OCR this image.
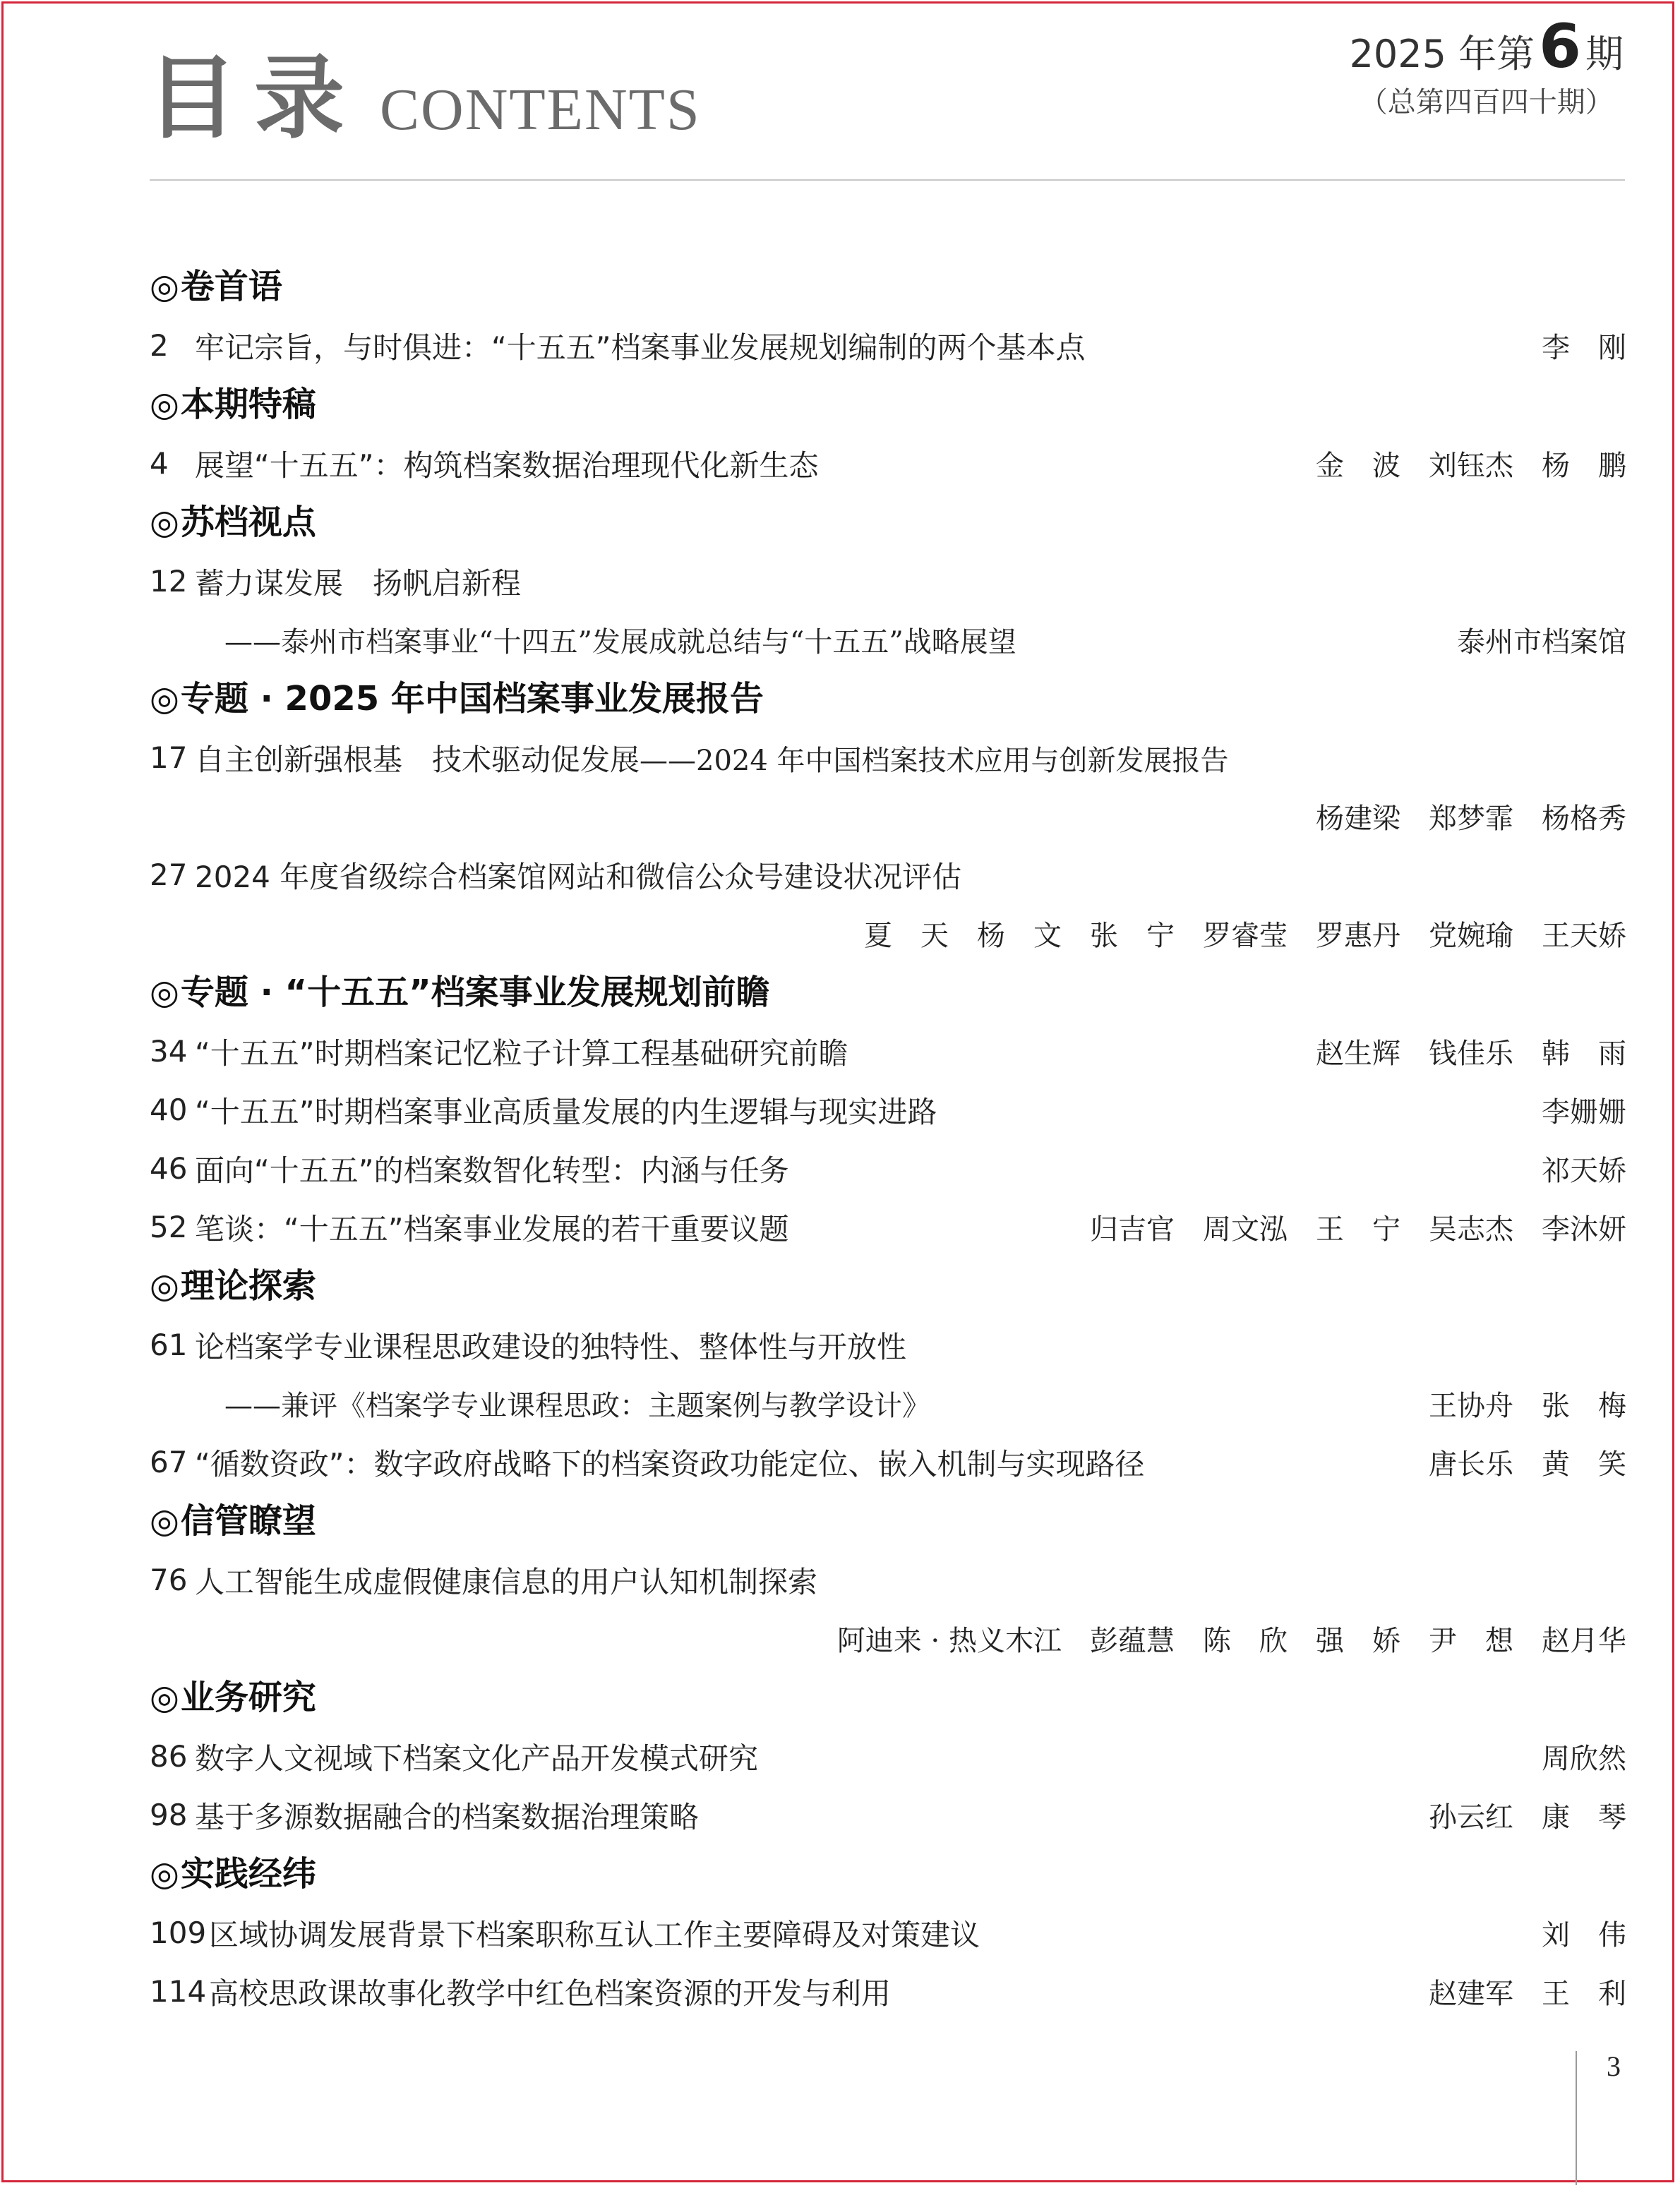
目录 CONTENTS
2025 年第6 期
（总第四百四十期）
◎卷首语
2 牢记宗旨，与时俱进：“十五五”档案事业发展规划编制的两个基本点	李　刚
◎本期特稿
4 展望“十五五”：构筑档案数据治理现代化新生态	金　波　刘钰杰　杨　鹏
◎苏档视点
12 蓄力谋发展　扬帆启新程
——泰州市档案事业“十四五”发展成就总结与“十五五”战略展望	泰州市档案馆
◎专题 · 2025 年中国档案事业发展报告
17 自主创新强根基　技术驱动促发展——2024 年中国档案技术应用与创新发展报告
杨建梁　郑梦霏　杨格秀
27 2024 年度省级综合档案馆网站和微信公众号建设状况评估
夏　天　杨　文　张　宁　罗睿莹　罗惠丹　党婉瑜　王天娇
◎专题 · “十五五”档案事业发展规划前瞻
34 “十五五”时期档案记忆粒子计算工程基础研究前瞻	赵生辉　钱佳乐　韩　雨
40 “十五五”时期档案事业高质量发展的内生逻辑与现实进路	李姗姗
46 面向“十五五”的档案数智化转型：内涵与任务	祁天娇
52 笔谈：“十五五”档案事业发展的若干重要议题	归吉官　周文泓　王　宁　吴志杰　李沐妍
◎理论探索
61 论档案学专业课程思政建设的独特性、整体性与开放性
——兼评《档案学专业课程思政：主题案例与教学设计》	王协舟　张　梅
67 “循数资政”：数字政府战略下的档案资政功能定位、嵌入机制与实现路径	唐长乐　黄　笑
◎信管瞭望
76 人工智能生成虚假健康信息的用户认知机制探索
阿迪来 · 热义木江　彭蕴慧　陈　欣　强　娇　尹　想　赵月华
◎业务研究
86 数字人文视域下档案文化产品开发模式研究	周欣然
98 基于多源数据融合的档案数据治理策略	孙云红　康　琴
◎实践经纬
109 区域协调发展背景下档案职称互认工作主要障碍及对策建议	刘　伟
114 高校思政课故事化教学中红色档案资源的开发与利用	赵建军　王　利
3
